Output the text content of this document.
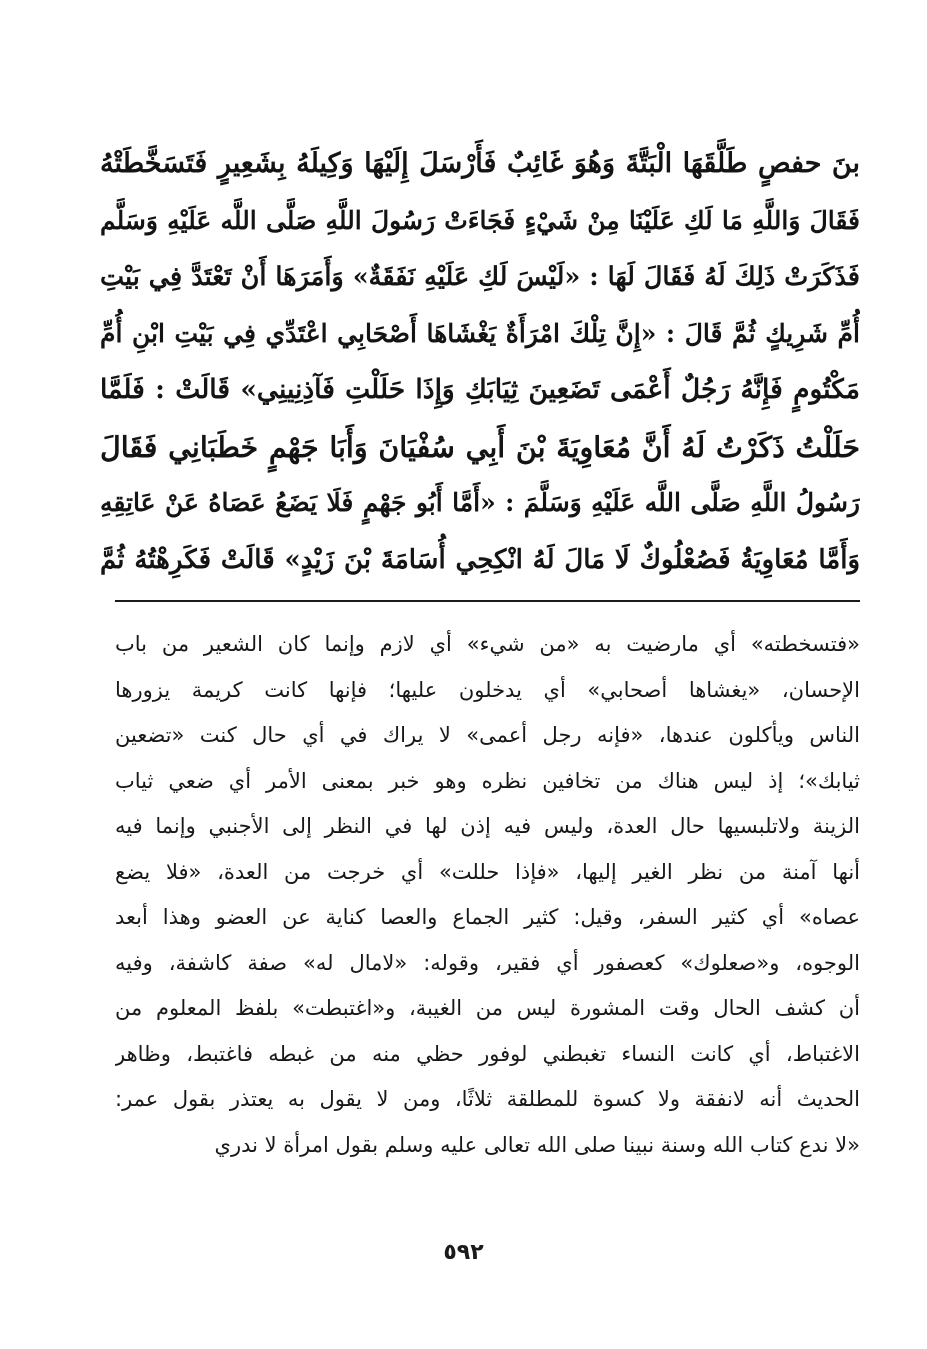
بنَ حفصٍ طَلَّقَهَا الْبَتَّةَ وَهُوَ غَائِبٌ فَأَرْسَلَ إِلَيْهَا وَكِيلَهُ بِشَعِيرٍ فَتَسَخَّطَتْهُ
فَقَالَ وَاللَّهِ مَا لَكِ عَلَيْنَا مِنْ شَيْءٍ فَجَاءَتْ رَسُولَ اللَّهِ صَلَّى اللَّه عَلَيْهِ وَسَلَّم
فَذَكَرَتْ ذَلِكَ لَهُ فَقَالَ لَهَا : «لَيْسَ لَكِ عَلَيْهِ نَفَقَةٌ» وَأَمَرَهَا أَنْ تَعْتَدَّ فِي بَيْتِ
أُمِّ شَرِيكٍ ثُمَّ قَالَ : «إِنَّ تِلْكَ امْرَأَةٌ يَغْشَاهَا أَصْحَابِي اعْتَدِّي فِي بَيْتِ ابْنِ أُمِّ
مَكْتُومٍ فَإِنَّهُ رَجُلٌ أَعْمَى تَضَعِينَ ثِيَابَكِ وَإِذَا حَلَلْتِ فَآذِنِينِي» قَالَتْ : فَلَمَّا
حَلَلْتُ ذَكَرْتُ لَهُ أَنَّ مُعَاوِيَةَ بْنَ أَبِي سُفْيَانَ وَأَبَا جَهْمٍ خَطَبَانِي فَقَالَ
رَسُولُ اللَّهِ صَلَّى اللَّه عَلَيْهِ وَسَلَّمَ : «أَمَّا أَبُو جَهْمٍ فَلَا يَضَعُ عَصَاهُ عَنْ عَاتِقِهِ
وَأَمَّا مُعَاوِيَةُ فَصُعْلُوكٌ لَا مَالَ لَهُ انْكِحِي أُسَامَةَ بْنَ زَيْدٍ» قَالَتْ فَكَرِهْتُهُ ثُمَّ
«فتسخطته» أي مارضيت به «من شيء» أي لازم وإنما كان الشعير من باب
الإحسان، «يغشاها أصحابي» أي يدخلون عليها؛ فإنها كانت كريمة يزورها
الناس ويأكلون عندها، «فإنه رجل أعمى» لا يراك في أي حال كنت «تضعين
ثيابك»؛ إذ ليس هناك من تخافين نظره وهو خبر بمعنى الأمر أي ضعي ثياب
الزينة ولاتلبسيها حال العدة، وليس فيه إذن لها في النظر إلى الأجنبي وإنما فيه
أنها آمنة من نظر الغير إليها، «فإذا حللت» أي خرجت من العدة، «فلا يضع
عصاه» أي كثير السفر، وقيل: كثير الجماع والعصا كناية عن العضو وهذا أبعد
الوجوه، و«صعلوك» كعصفور أي فقير، وقوله: «لامال له» صفة كاشفة، وفيه
أن كشف الحال وقت المشورة ليس من الغيبة، و«اغتبطت» بلفظ المعلوم من
الاغتباط، أي كانت النساء تغبطني لوفور حظي منه من غبطه فاغتبط، وظاهر
الحديث أنه لانفقة ولا كسوة للمطلقة ثلاثًا، ومن لا يقول به يعتذر بقول عمر:
«لا ندع كتاب الله وسنة نبينا صلى الله تعالى عليه وسلم بقول امرأة لا ندري
٥٩٢
